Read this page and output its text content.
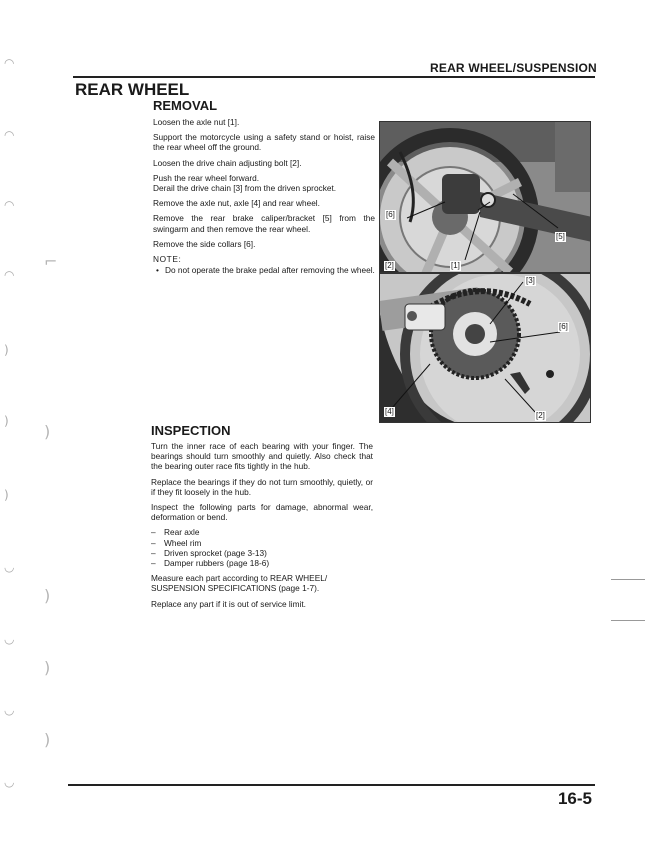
◠
◠
◠
◠
)
)
)
◡
◡
◡
◡
⌐
)
)
)
)
REAR WHEEL/SUSPENSION
REAR WHEEL
REMOVAL

Loosen the axle nut [1].

Support the motorcycle using a safety stand or hoist, raise the rear wheel off the ground.

Loosen the drive chain adjusting bolt [2].

Push the rear wheel forward.

Derail the drive chain [3] from the driven sprocket.

Remove the axle nut, axle [4] and rear wheel.

Remove the rear brake caliper/bracket [5] from the swingarm and then remove the rear wheel.

Remove the side collars [6].

NOTE:

• Do not operate the brake pedal after removing the wheel.
[6]
[5]
[2]	[1]
[3]
[6]
[4]	[2]
INSPECTION

Turn the inner race of each bearing with your finger. The bearings should turn smoothly and quietly. Also check that the bearing outer race fits tightly in the hub.

Replace the bearings if they do not turn smoothly, quietly, or if they fit loosely in the hub.

Inspect the following parts for damage, abnormal wear, deformation or bend.

–	Rear axle
–	Wheel rim
–	Driven sprocket (page 3-13)
–	Damper rubbers (page 18-6)

Measure each part according to REAR WHEEL/ SUSPENSION SPECIFICATIONS (page 1-7).

Replace any part if it is out of service limit.

16-5
